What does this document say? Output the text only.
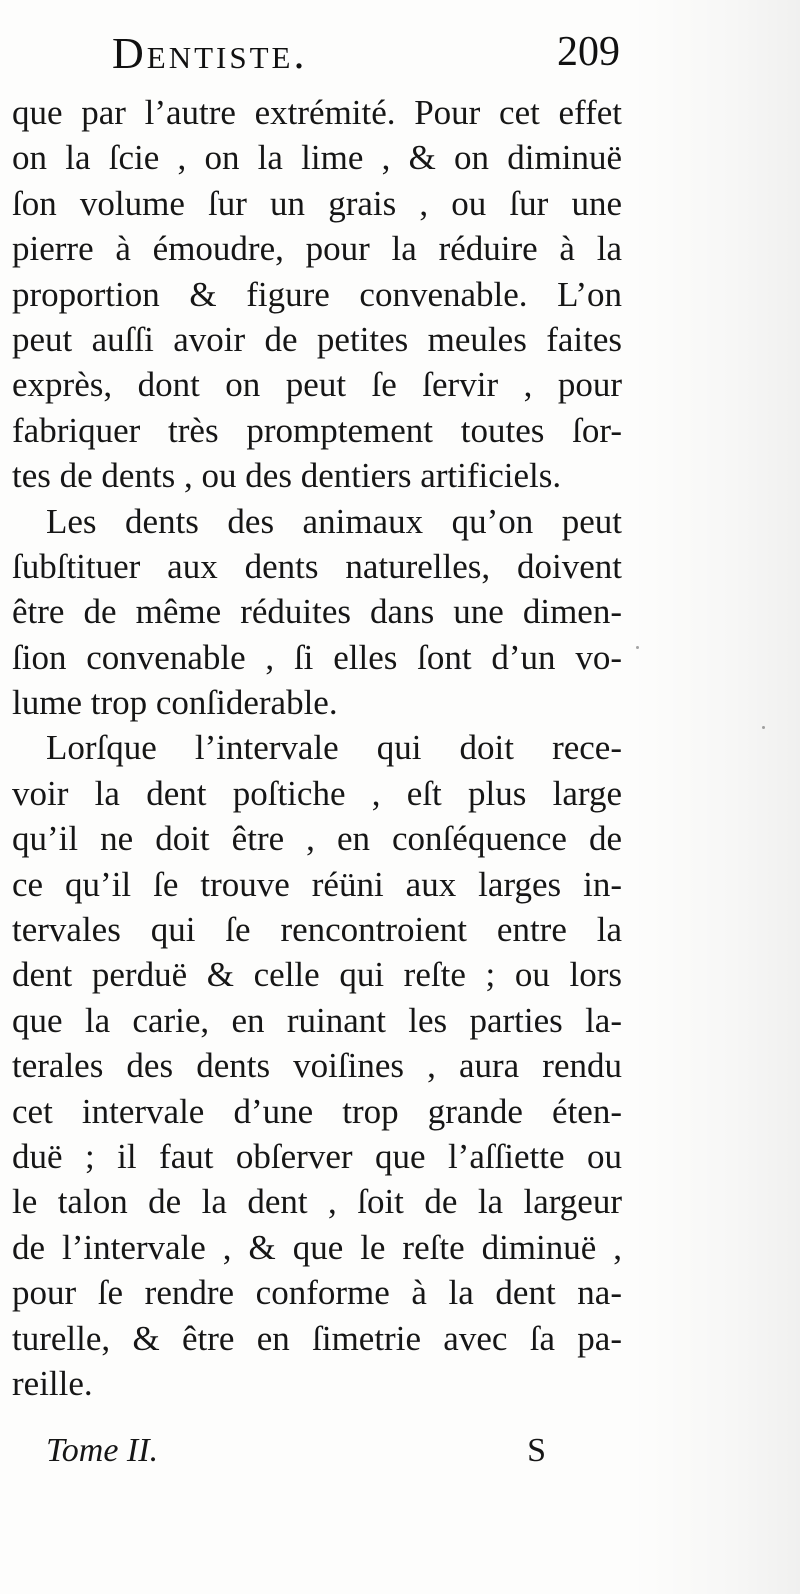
Dentiste.	209
que par l’autre extrémité. Pour cet effet
on la ſcie , on la lime , & on diminuë
ſon volume ſur un grais , ou ſur une
pierre à émoudre, pour la réduire à la
proportion & figure convenable. L’on
peut auſſi avoir de petites meules faites
exprès, dont on peut ſe ſervir , pour
fabriquer très promptement toutes ſor-
tes de dents , ou des dentiers artificiels.
Les dents des animaux qu’on peut
ſubſtituer aux dents naturelles, doivent
être de même réduites dans une dimen-
ſion convenable , ſi elles ſont d’un vo-
lume trop conſiderable.
Lorſque l’intervale qui doit rece-
voir la dent poſtiche , eſt plus large
qu’il ne doit être , en conſéquence de
ce qu’il ſe trouve réüni aux larges in-
tervales qui ſe rencontroient entre la
dent perduë & celle qui reſte ; ou lors
que la carie, en ruinant les parties la-
terales des dents voiſines , aura rendu
cet intervale d’une trop grande éten-
duë ; il faut obſerver que l’aſſiette ou
le talon de la dent , ſoit de la largeur
de l’intervale , & que le reſte diminuë ,
pour ſe rendre conforme à la dent na-
turelle, & être en ſimetrie avec ſa pa-
reille.
Tome II.	S
